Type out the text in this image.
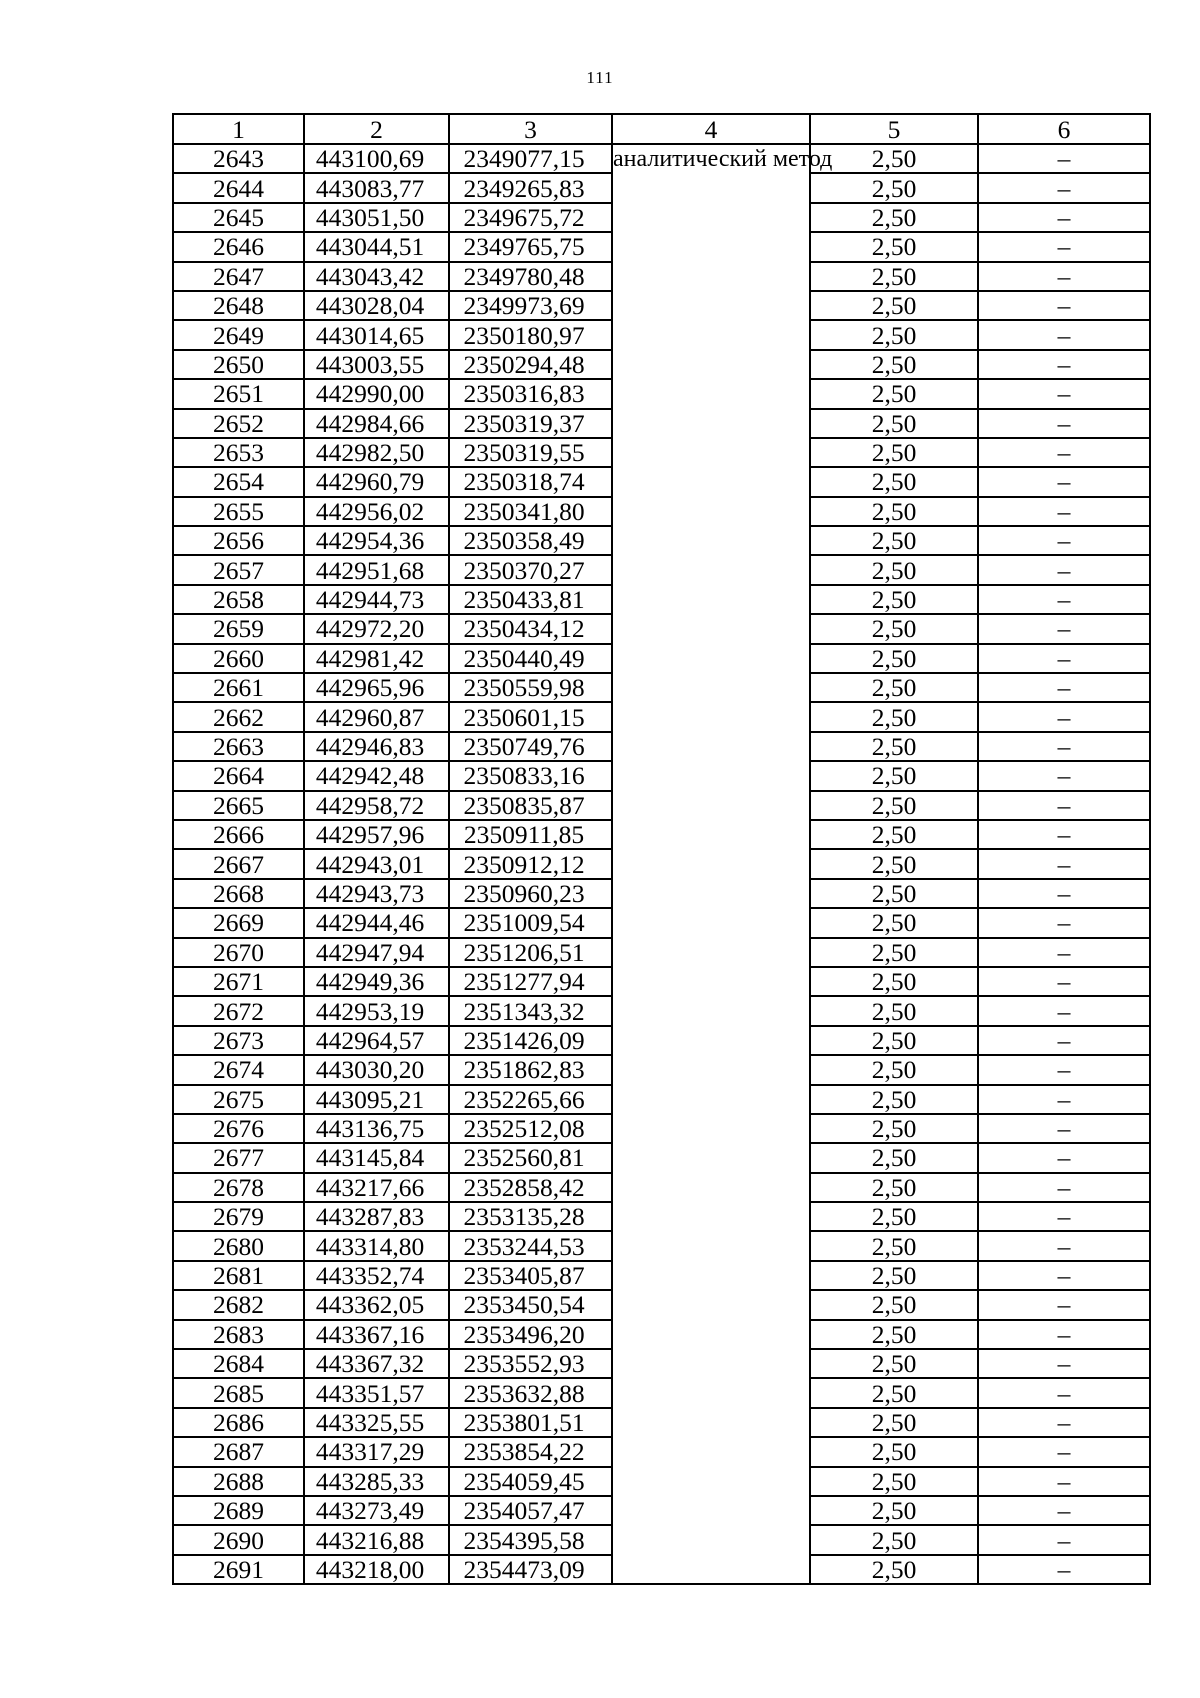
111
1	2	3	4	5	6
2643	443100,69	2349077,15	аналитический метод	2,50	–
2644	443083,77	2349265,83		2,50	–
2645	443051,50	2349675,72		2,50	–
2646	443044,51	2349765,75		2,50	–
2647	443043,42	2349780,48		2,50	–
2648	443028,04	2349973,69		2,50	–
2649	443014,65	2350180,97		2,50	–
2650	443003,55	2350294,48		2,50	–
2651	442990,00	2350316,83		2,50	–
2652	442984,66	2350319,37		2,50	–
2653	442982,50	2350319,55		2,50	–
2654	442960,79	2350318,74		2,50	–
2655	442956,02	2350341,80		2,50	–
2656	442954,36	2350358,49		2,50	–
2657	442951,68	2350370,27		2,50	–
2658	442944,73	2350433,81		2,50	–
2659	442972,20	2350434,12		2,50	–
2660	442981,42	2350440,49		2,50	–
2661	442965,96	2350559,98		2,50	–
2662	442960,87	2350601,15		2,50	–
2663	442946,83	2350749,76		2,50	–
2664	442942,48	2350833,16		2,50	–
2665	442958,72	2350835,87		2,50	–
2666	442957,96	2350911,85		2,50	–
2667	442943,01	2350912,12		2,50	–
2668	442943,73	2350960,23		2,50	–
2669	442944,46	2351009,54		2,50	–
2670	442947,94	2351206,51		2,50	–
2671	442949,36	2351277,94		2,50	–
2672	442953,19	2351343,32		2,50	–
2673	442964,57	2351426,09		2,50	–
2674	443030,20	2351862,83		2,50	–
2675	443095,21	2352265,66		2,50	–
2676	443136,75	2352512,08		2,50	–
2677	443145,84	2352560,81		2,50	–
2678	443217,66	2352858,42		2,50	–
2679	443287,83	2353135,28		2,50	–
2680	443314,80	2353244,53		2,50	–
2681	443352,74	2353405,87		2,50	–
2682	443362,05	2353450,54		2,50	–
2683	443367,16	2353496,20		2,50	–
2684	443367,32	2353552,93		2,50	–
2685	443351,57	2353632,88		2,50	–
2686	443325,55	2353801,51		2,50	–
2687	443317,29	2353854,22		2,50	–
2688	443285,33	2354059,45		2,50	–
2689	443273,49	2354057,47		2,50	–
2690	443216,88	2354395,58		2,50	–
2691	443218,00	2354473,09		2,50	–
